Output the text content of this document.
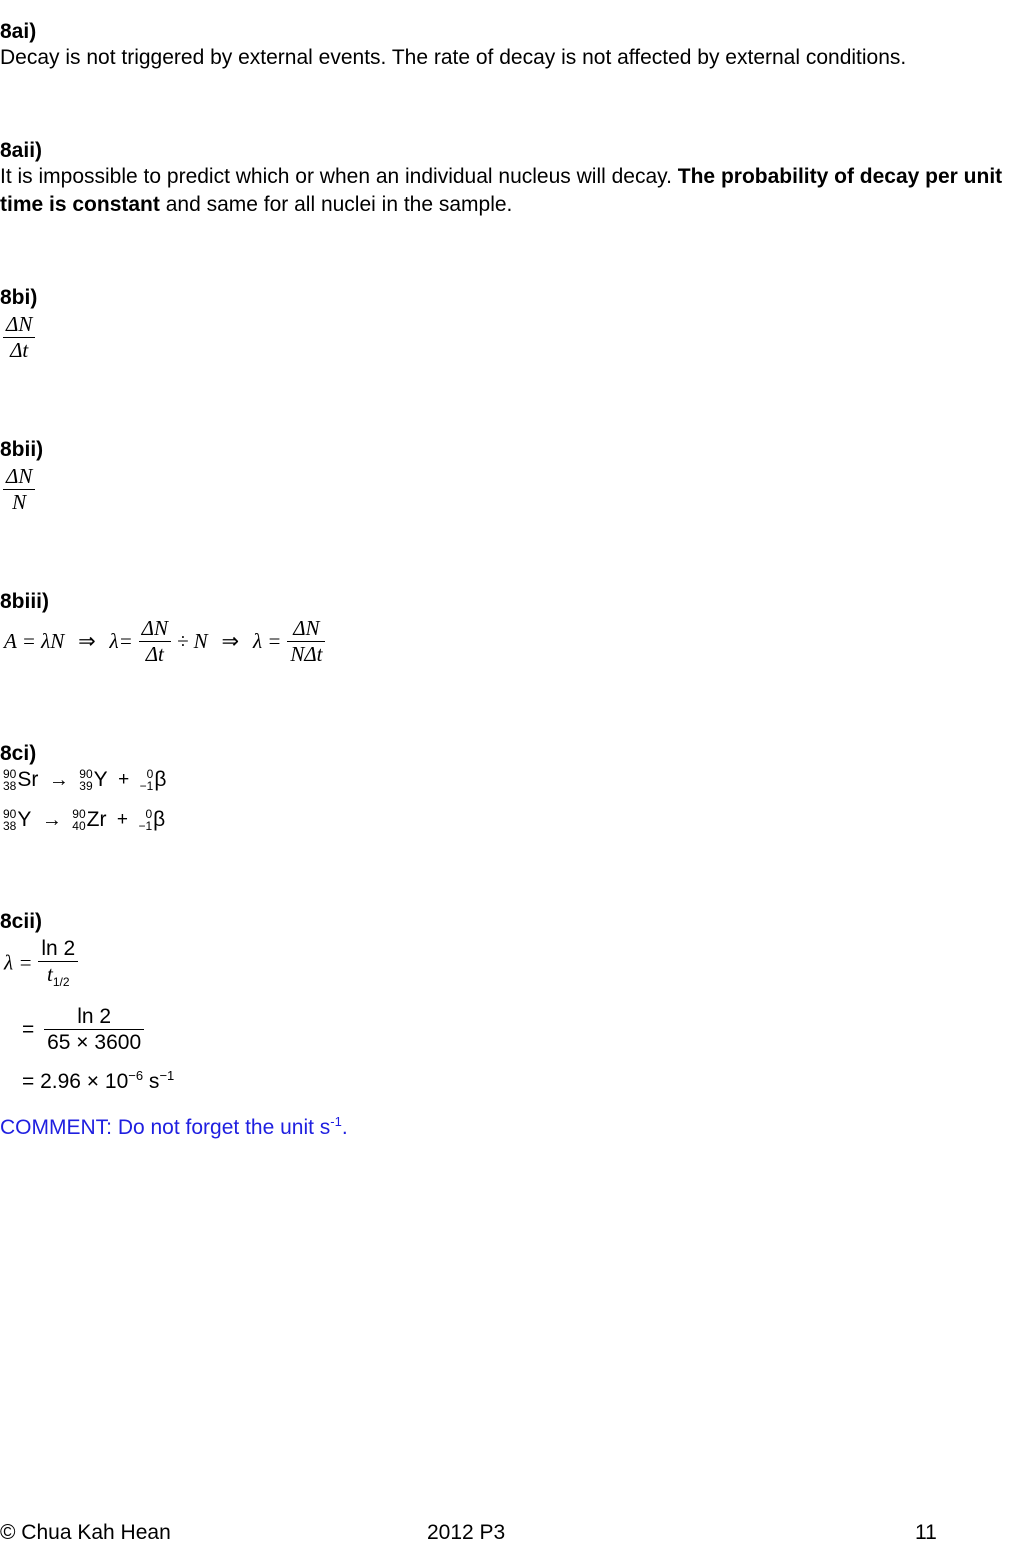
8ai)
Decay is not triggered by external events. The rate of decay is not affected by external conditions.
8aii)
It is impossible to predict which or when an individual nucleus will decay. The probability of decay per unit time is constant and same for all nuclei in the sample.
8bi)
$\frac{\Delta N}{\Delta t}$
8bii)
$\frac{\Delta N}{N}$
8biii)
A = λN ⇒ $\lambda= \frac{\Delta N}{\Delta t} \div N$ ⇒ $\lambda = \frac{\Delta N}{\text{NΔt}}$
8ci)
90
38 Sr → 90
39 Y +	0
−1 β
90
38 Y → 90
40 Zr +	0
−1 β
8cii)
$\lambda = \frac{\ln 2}{t_{1/2}}$
= $\frac{\ln 2}{65 \times 3600}$
= $2.96 \times 10^{-6}$ $s^{-1}$
COMMENT: Do not forget the unit $s^{-1}$.
© Chua Kah Hean	2012 P3	11
